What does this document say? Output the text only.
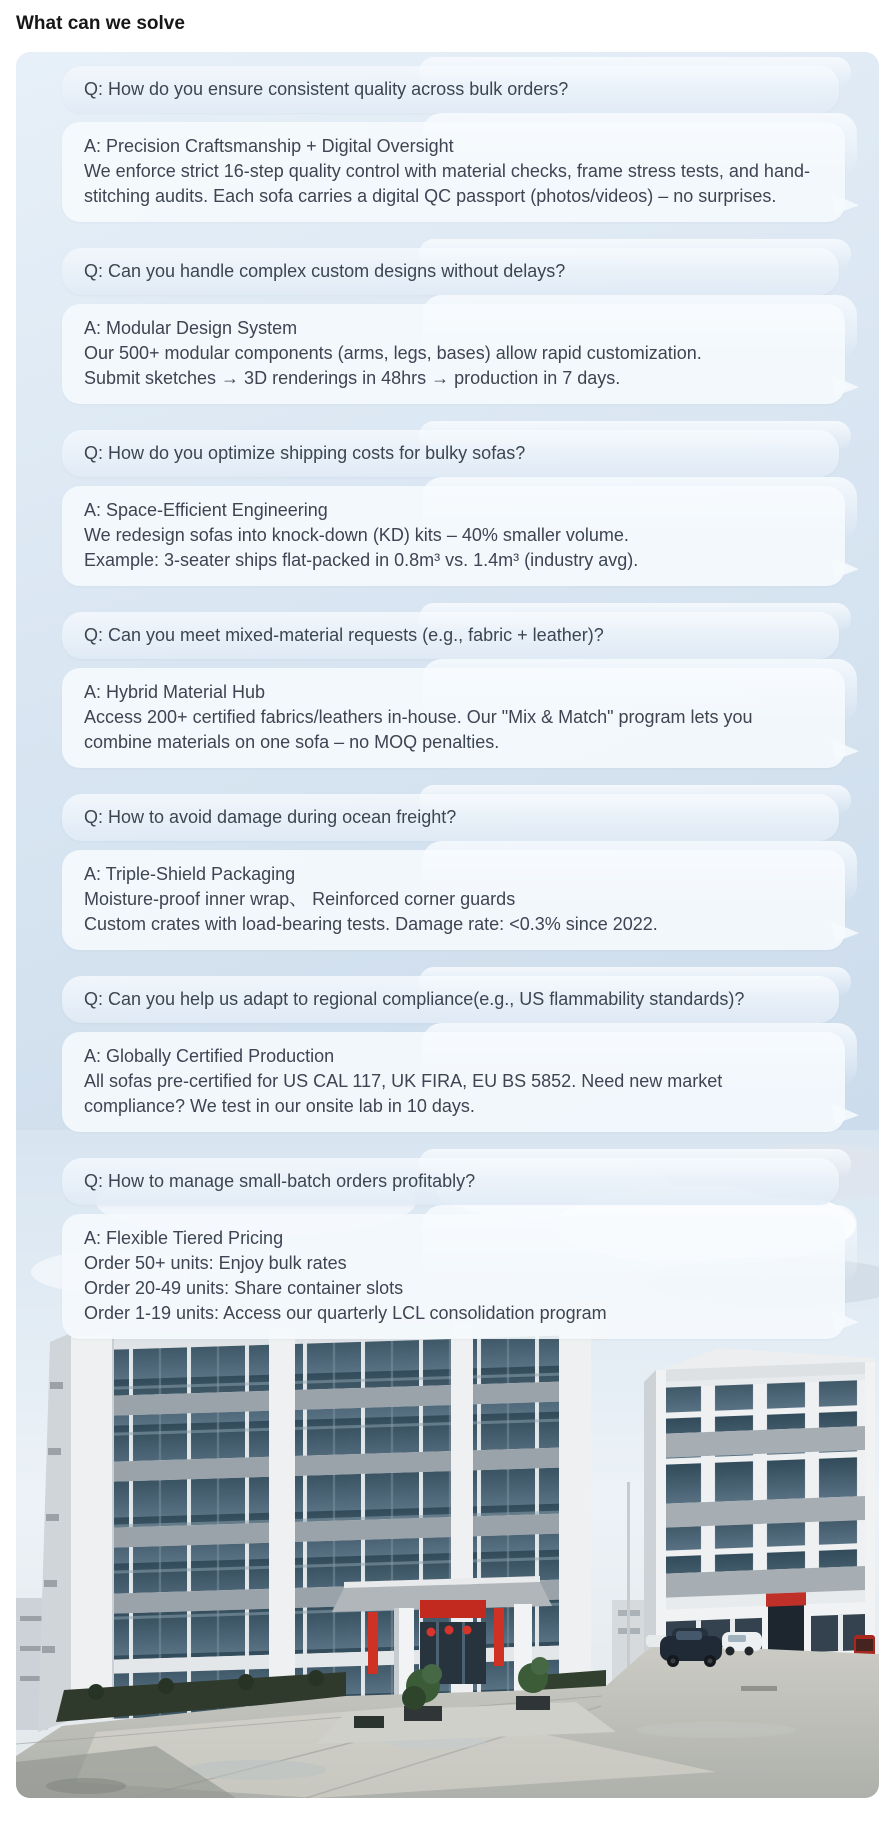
What can we solve
Q: How do you ensure consistent quality across bulk orders?
A: Precision Craftsmanship + Digital Oversight
We enforce strict 16-step quality control with material checks, frame stress tests, and hand-stitching audits. Each sofa carries a digital QC passport (photos/videos) – no surprises.
Q: Can you handle complex custom designs without delays?
A: Modular Design System
Our 500+ modular components (arms, legs, bases) allow rapid customization.
Submit sketches → 3D renderings in 48hrs → production in 7 days.
Q: How do you optimize shipping costs for bulky sofas?
A: Space-Efficient Engineering
We redesign sofas into knock-down (KD) kits – 40% smaller volume.
Example: 3-seater ships flat-packed in 0.8m³ vs. 1.4m³ (industry avg).
Q: Can you meet mixed-material requests (e.g., fabric + leather)?
A: Hybrid Material Hub
Access 200+ certified fabrics/leathers in-house. Our "Mix & Match" program lets you combine materials on one sofa – no MOQ penalties.
Q: How to avoid damage during ocean freight?
A: Triple-Shield Packaging
Moisture-proof inner wrap、 Reinforced corner guards
Custom crates with load-bearing tests. Damage rate: <0.3% since 2022.
Q: Can you help us adapt to regional compliance(e.g., US flammability standards)?
A: Globally Certified Production
All sofas pre-certified for US CAL 117, UK FIRA, EU BS 5852. Need new market compliance? We test in our onsite lab in 10 days.
Q: How to manage small-batch orders profitably?
A: Flexible Tiered Pricing
Order 50+ units: Enjoy bulk rates
Order 20-49 units: Share container slots
Order 1-19 units: Access our quarterly LCL consolidation program
